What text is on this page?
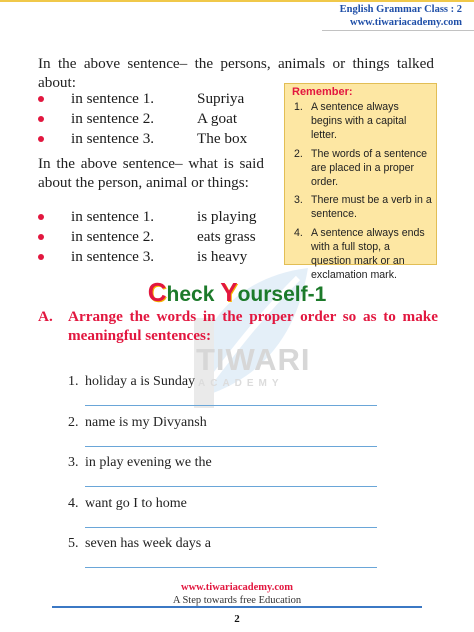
English Grammar Class : 2
www.tiwariacademy.com
TIWARI
ACADEMY
In the above sentence– the persons, animals or things talked about:
in sentence 1.	Supriya
in sentence 2.	A goat
in sentence 3.	The box
In the above sentence– what is said about the person, animal or things:
in sentence 1.	is playing
in sentence 2.	eats grass
in sentence 3.	is heavy
Remember:
1. A sentence always begins with a capital letter.
2. The words of a sentence are placed in a proper order.
3. There must be a verb in a sentence.
4. A sentence always ends with a full stop, a question mark or an exclamation mark.
Check Yourself-1
A. Arrange the words in the proper order so as to make meaningful sentences:
1. holiday a is Sunday
2. name is my Divyansh
3. in play evening we the
4. want go I to home
5. seven has week days a
www.tiwariacademy.com
A Step towards free Education
2
